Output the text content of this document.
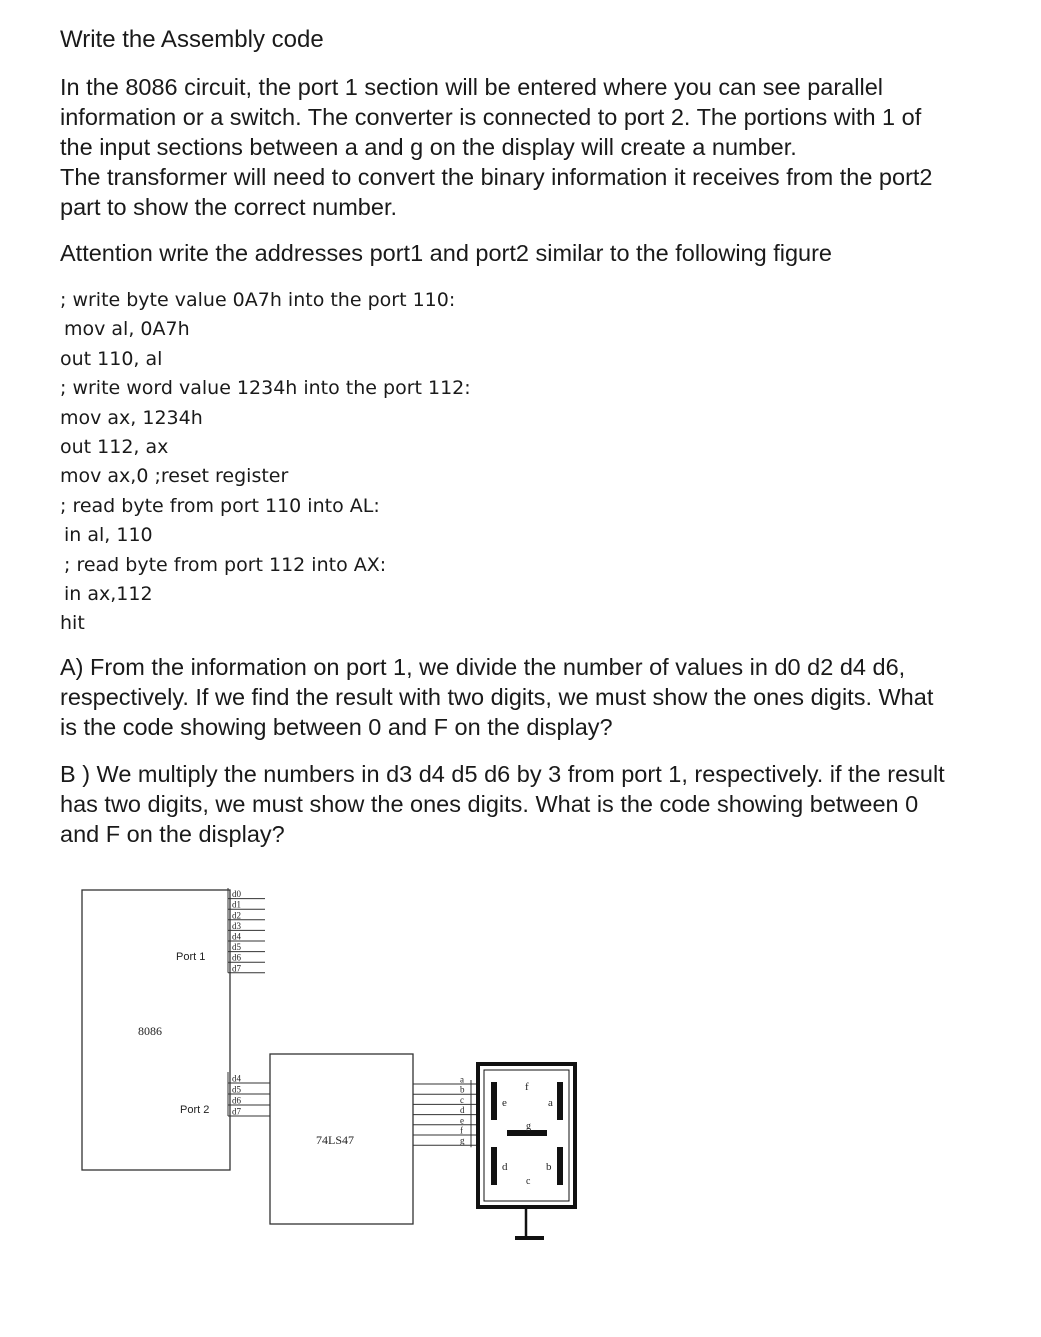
Write the Assembly code

In the 8086 circuit, the port 1 section will be entered where you can see parallel
information or a switch. The converter is connected to port 2. The portions with 1 of
the input sections between a and g on the display will create a number.
The transformer will need to convert the binary information it receives from the port2
part to show the correct number.

Attention write the addresses port1 and port2 similar to the following figure

; write byte value 0A7h into the port 110:
mov al, 0A7h
out 110, al
; write word value 1234h into the port 112:
mov ax, 1234h
out 112, ax
mov ax,0 ;reset register
; read byte from port 110 into AL:
in al, 110
; read byte from port 112 into AX:
in ax,112
hit

A) From the information on port 1, we divide the number of values in d0 d2 d4 d6,
respectively. If we find the result with two digits, we must show the ones digits. What
is the code showing between 0 and F on the display?

B ) We multiply the numbers in d3 d4 d5 d6 by 3 from port 1, respectively. if the result
has two digits, we must show the ones digits. What is the code showing between 0
and F on the display?

8086
Port 1
Port 2
d0
d1
d2
d3
d4
d5
d6
d7
d4
d5
d6
d7
74LS47
a
b
c
d
e
f
g
f
e	a
g
d	b
c
